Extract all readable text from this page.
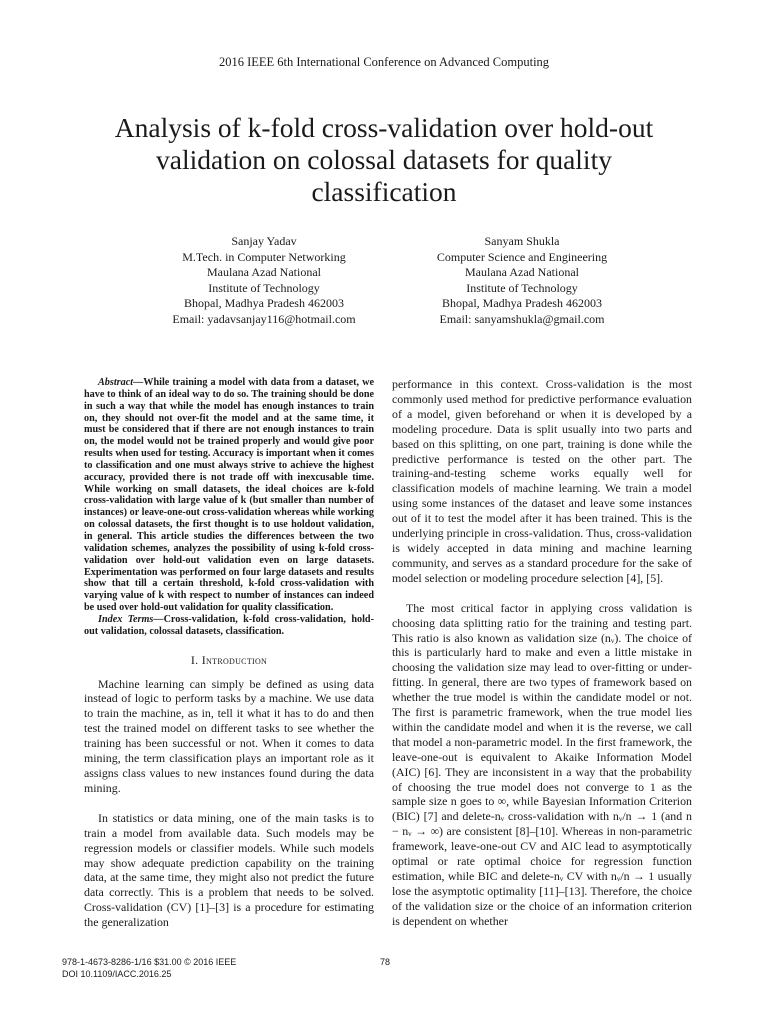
2016 IEEE 6th International Conference on Advanced Computing
Analysis of k-fold cross-validation over hold-out validation on colossal datasets for quality classification
Sanjay Yadav
M.Tech. in Computer Networking
Maulana Azad National
Institute of Technology
Bhopal, Madhya Pradesh 462003
Email: yadavsanjay116@hotmail.com
Sanyam Shukla
Computer Science and Engineering
Maulana Azad National
Institute of Technology
Bhopal, Madhya Pradesh 462003
Email: sanyamshukla@gmail.com

Abstract—While training a model with data from a dataset, we have to think of an ideal way to do so. The training should be done in such a way that while the model has enough instances to train on, they should not over-fit the model and at the same time, it must be considered that if there are not enough instances to train on, the model would not be trained properly and would give poor results when used for testing. Accuracy is important when it comes to classification and one must always strive to achieve the highest accuracy, provided there is not trade off with inexcusable time. While working on small datasets, the ideal choices are k-fold cross-validation with large value of k (but smaller than number of instances) or leave-one-out cross-validation whereas while working on colossal datasets, the first thought is to use holdout validation, in general. This article studies the differences between the two validation schemes, analyzes the possibility of using k-fold cross-validation over hold-out validation even on large datasets. Experimentation was performed on four large datasets and results show that till a certain threshold, k-fold cross-validation with varying value of k with respect to number of instances can indeed be used over hold-out validation for quality classification.

Index Terms—Cross-validation, k-fold cross-validation, hold-out validation, colossal datasets, classification.

I. Introduction

Machine learning can simply be defined as using data instead of logic to perform tasks by a machine. We use data to train the machine, as in, tell it what it has to do and then test the trained model on different tasks to see whether the training has been successful or not. When it comes to data mining, the term classification plays an important role as it assigns class values to new instances found during the data mining.

In statistics or data mining, one of the main tasks is to train a model from available data. Such models may be regression models or classifier models. While such models may show adequate prediction capability on the training data, at the same time, they might also not predict the future data correctly. This is a problem that needs to be solved. Cross-validation (CV) [1]–[3] is a procedure for estimating the generalization

performance in this context. Cross-validation is the most commonly used method for predictive performance evaluation of a model, given beforehand or when it is developed by a modeling procedure. Data is split usually into two parts and based on this splitting, on one part, training is done while the predictive performance is tested on the other part. The training-and-testing scheme works equally well for classification models of machine learning. We train a model using some instances of the dataset and leave some instances out of it to test the model after it has been trained. This is the underlying principle in cross-validation. Thus, cross-validation is widely accepted in data mining and machine learning community, and serves as a standard procedure for the sake of model selection or modeling procedure selection [4], [5].

The most critical factor in applying cross validation is choosing data splitting ratio for the training and testing part. This ratio is also known as validation size (nᵥ). The choice of this is particularly hard to make and even a little mistake in choosing the validation size may lead to over-fitting or under-fitting. In general, there are two types of framework based on whether the true model is within the candidate model or not. The first is parametric framework, when the true model lies within the candidate model and when it is the reverse, we call that model a non-parametric model. In the first framework, the leave-one-out is equivalent to Akaike Information Model (AIC) [6]. They are inconsistent in a way that the probability of choosing the true model does not converge to 1 as the sample size n goes to ∞, while Bayesian Information Criterion (BIC) [7] and delete-nᵥ cross-validation with nᵥ/n → 1 (and n − nᵥ → ∞) are consistent [8]–[10]. Whereas in non-parametric framework, leave-one-out CV and AIC lead to asymptotically optimal or rate optimal choice for regression function estimation, while BIC and delete-nᵥ CV with nᵥ/n → 1 usually lose the asymptotic optimality [11]–[13]. Therefore, the choice of the validation size or the choice of an information criterion is dependent on whether

978-1-4673-8286-1/16 $31.00 © 2016 IEEE
DOI 10.1109/IACC.2016.25
78
